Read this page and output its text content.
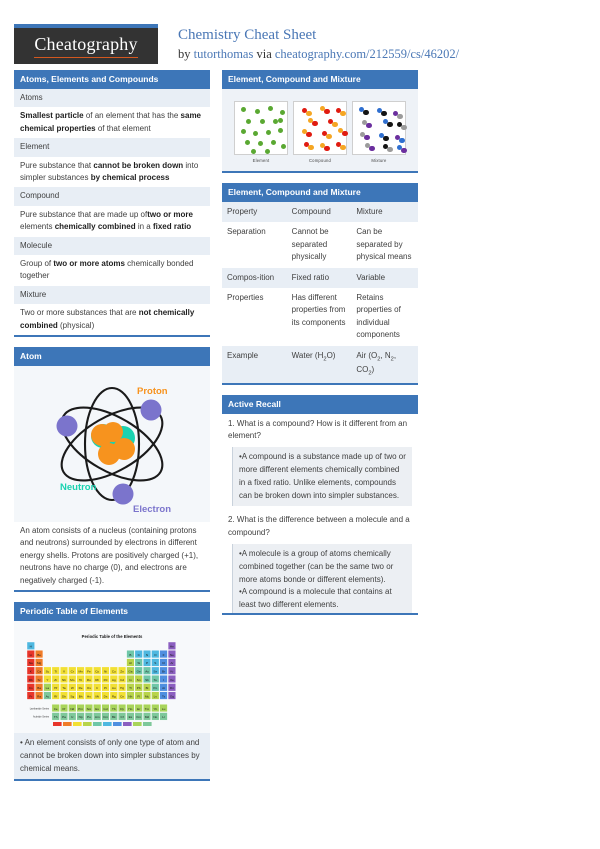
Cheatography	Chemistry Cheat Sheet
by tutorthomas via cheatography.com/212559/cs/46202/
Atoms, Elements and Compounds
Atoms
Smallest particle of an element that has the same chemical properties of that element
Element
Pure substance that cannot be broken down into simpler substances by chemical process
Compound
Pure substance that are made up oftwo or more elements chemically combined in a fixed ratio
Molecule
Group of two or more atoms chemically bonded together
Mixture
Two or more substances that are not chemically combined (physical)
Atom
Proton
Neutron
Electron
An atom consists of a nucleus (containing protons and neutrons) surrounded by electrons in different energy shells. Protons are positively charged (+1), neutrons have no charge (0), and electrons are negatively charged (-1).
Periodic Table of Elements
Periodic Table of the Elements
H	He
Li Be	B C N O F Ne
Na Mg	Al Si P S Cl Ar
K Ca Sc Ti V Cr Mn Fe Co Ni Cu Zn Ga Ge As Se Br Kr
Rb Sr Y Zr Nb Mo Tc Ru Rh Pd Ag Cd In Sn Sb Te I Xe
Cs Ba La Hf Ta W Re Os Ir Pt Au Hg Tl Pb Bi Po At Rn
Fr Ra Ac Rf Db Sg Bh Hs Mt Ds Rg Cn Nh Fl Mc Lv Ts Og
Ce Pr Nd Pm Sm Eu Gd Tb Dy Ho Er Tm Yb Lu
Th Pa U Np Pu Am Cm Bk Cf Es Fm Md No Lr
Lanthanide Series
Actinide Series
• An element consists of only one type of atom and cannot be broken down into simpler substances by chemical means.
Element, Compound and Mixture
Element	Compound	Mixture
Element, Compound and Mixture
Property	Compound	Mixture
Separation	Cannot be separated physically	Can be separated by physical means
Compos-ition	Fixed ratio	Variable
Properties	Has different properties from its components	Retains properties of individual components
Example	Water $(H_2O)$	Air ($O_2$, $N_2$, $CO_2$)
Active Recall
1. What is a compound? How is it different from an element?
•A compound is a substance made up of two or more different elements chemically combined in a fixed ratio. Unlike elements, compounds can be broken down into simpler substances.
2. What is the difference between a molecule and a compound?
•A molecule is a group of atoms chemically combined together (can be the same two or more atoms bonde or different elements).
•A compound is a molecule that contains at least two different elements.
